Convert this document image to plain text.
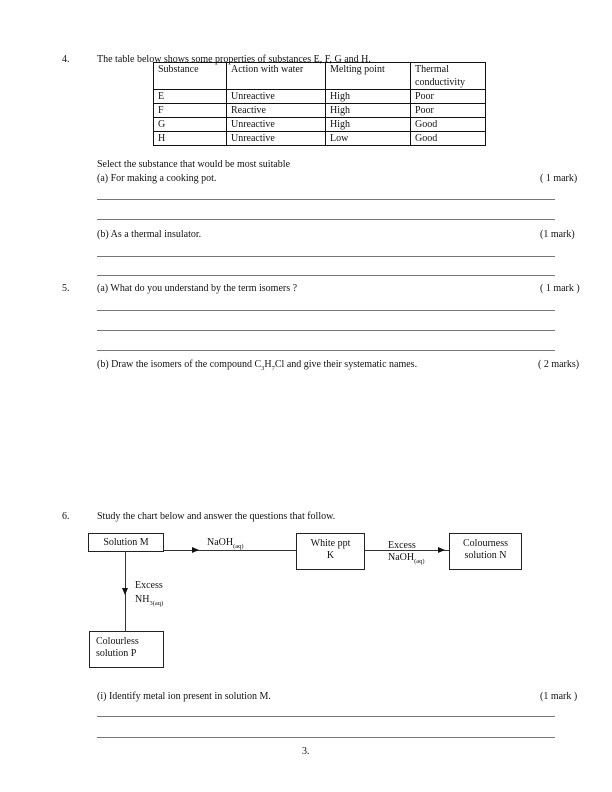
4.	The table below shows some properties of substances E, F, G and H.
Substance	Action with water	Melting point	Thermal conductivity
E	Unreactive	High	Poor
F	Reactive	High	Poor
G	Unreactive	High	Good
H	Unreactive	Low	Good
Select the substance that would be most suitable
(a) For making a cooking pot.	( 1 mark)
(b) As a thermal insulator.	(1 mark)
5.	(a) What do you understand by the term isomers ?	( 1 mark )
(b) Draw the isomers of the compound $C_3H_7Cl$ and give their systematic names.	( 2 marks)
6.	Study the chart below and answer the questions that follow.
Solution M	NaOH$_{(aq)}$	White ppt
K
Excess
NaOH$_{(aq)}$
Colourness
solution N
Excess
$NH_{3(aq)}$
Colourless
solution P
(i) Identify metal ion present in solution M.	(1 mark )
3.
